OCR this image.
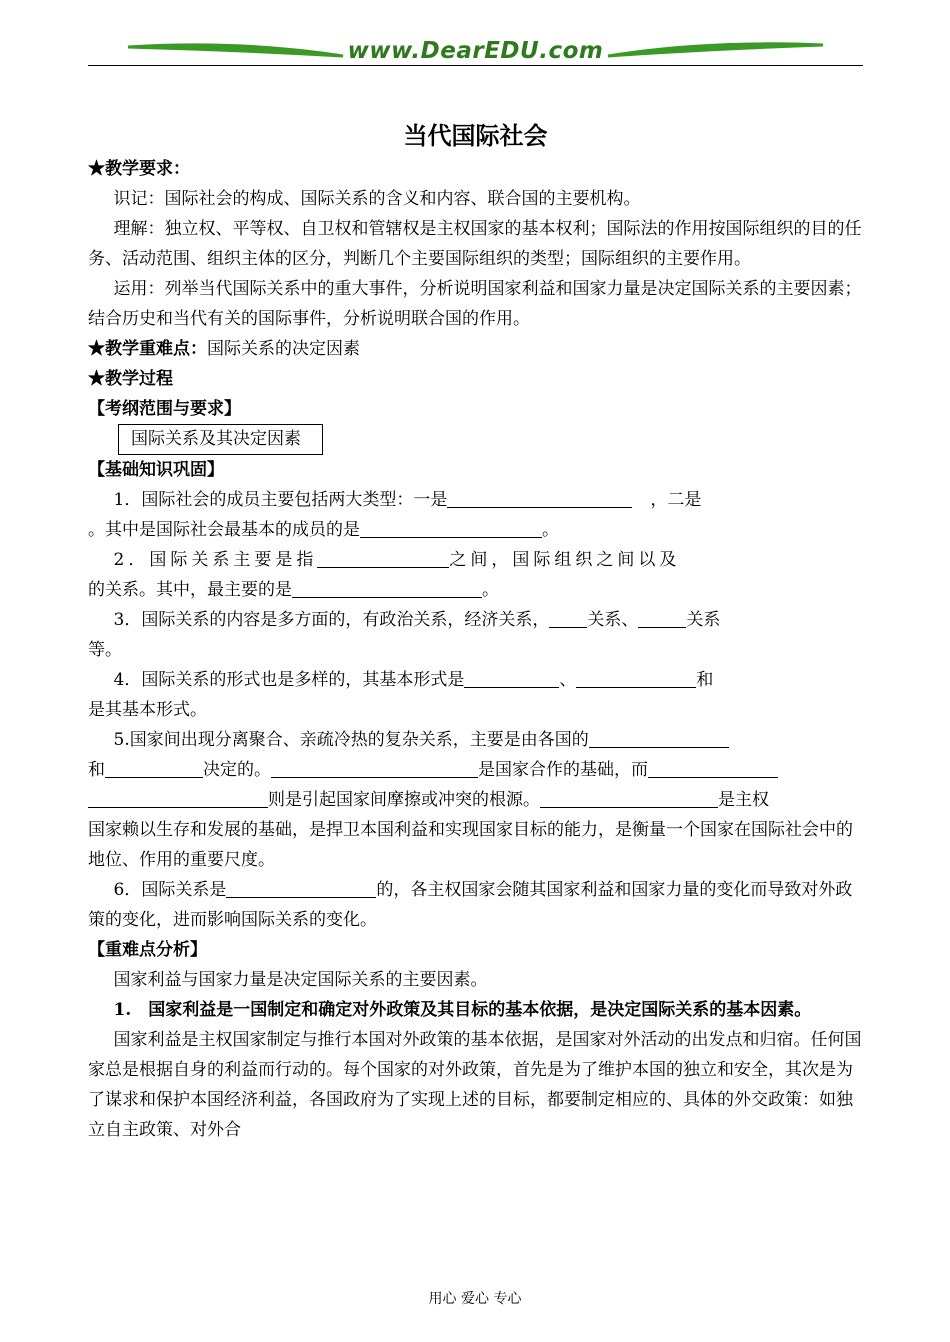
www.DearEDU.com
当代国际社会

★教学要求：

识记：国际社会的构成、国际关系的含义和内容、联合国的主要机构。

理解：独立权、平等权、自卫权和管辖权是主权国家的基本权利；国际法的作用按国际组织的目的任务、活动范围、组织主体的区分，判断几个主要国际组织的类型；国际组织的主要作用。

运用：列举当代国际关系中的重大事件，分析说明国家利益和国家力量是决定国际关系的主要因素；结合历史和当代有关的国际事件，分析说明联合国的作用。

★教学重难点：国际关系的决定因素

★教学过程

【考纲范围与要求】

国际关系及其决定因素

【基础知识巩固】

1．国际社会的成员主要包括两大类型：一是	，二是

。其中是国际社会最基本的成员的是	。

2．国际关系主要是指	之间，国际组织之间以及

的关系。其中，最主要的是	。

3．国际关系的内容是多方面的，有政治关系，经济关系， 关系、	关系

等。

4．国际关系的形式也是多样的，其基本形式是	、	和

是其基本形式。

5.国家间出现分离聚合、亲疏冷热的复杂关系，主要是由各国的

和	决定的。	是国家合作的基础，而

则是引起国家间摩擦或冲突的根源。	是主权

国家赖以生存和发展的基础，是捍卫本国利益和实现国家目标的能力，是衡量一个国家在国际社会中的地位、作用的重要尺度。

6．国际关系是	的，各主权国家会随其国家利益和国家力量的变化而导致对外政策的变化，进而影响国际关系的变化。

【重难点分析】

国家利益与国家力量是决定国际关系的主要因素。

1.　国家利益是一国制定和确定对外政策及其目标的基本依据，是决定国际关系的基本因素。

国家利益是主权国家制定与推行本国对外政策的基本依据，是国家对外活动的出发点和归宿。任何国家总是根据自身的利益而行动的。每个国家的对外政策，首先是为了维护本国的独立和安全，其次是为了谋求和保护本国经济利益，各国政府为了实现上述的目标，都要制定相应的、具体的外交政策：如独立自主政策、对外合

用心 爱心 专心
